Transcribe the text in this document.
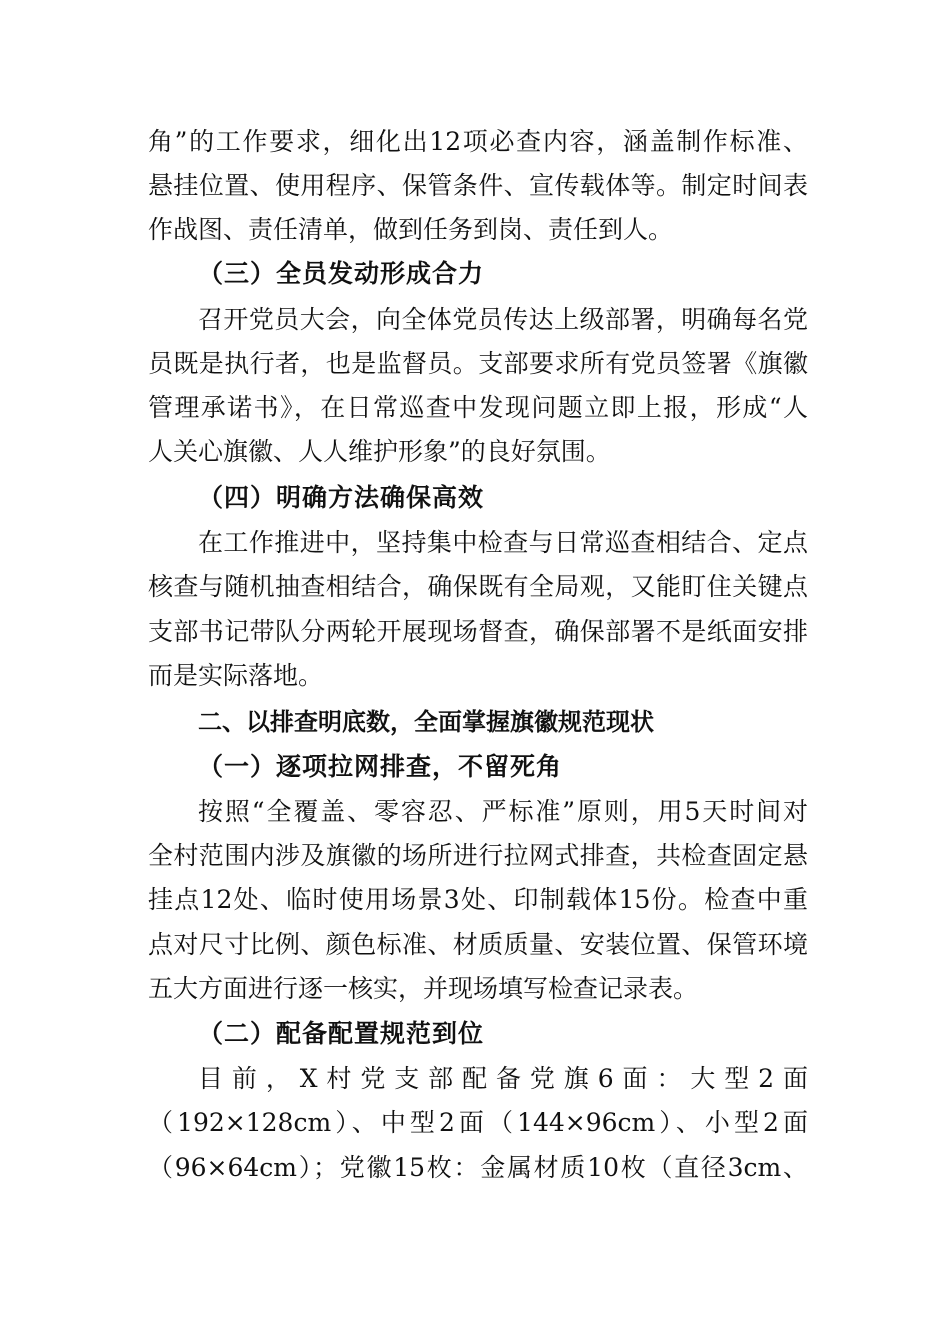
角”的工作要求，细化出12项必查内容，涵盖制作标准、
悬挂位置、使用程序、保管条件、宣传载体等。制定时间表
作战图、责任清单，做到任务到岗、责任到人。
（三）全员发动形成合力
召开党员大会，向全体党员传达上级部署，明确每名党
员既是执行者，也是监督员。支部要求所有党员签署《旗徽
管理承诺书》，在日常巡查中发现问题立即上报，形成“人
人关心旗徽、人人维护形象”的良好氛围。
（四）明确方法确保高效
在工作推进中，坚持集中检查与日常巡查相结合、定点
核查与随机抽查相结合，确保既有全局观，又能盯住关键点
支部书记带队分两轮开展现场督查，确保部署不是纸面安排
而是实际落地。
二、以排查明底数，全面掌握旗徽规范现状
（一）逐项拉网排查，不留死角
按照“全覆盖、零容忍、严标准”原则，用5天时间对
全村范围内涉及旗徽的场所进行拉网式排查，共检查固定悬
挂点12处、临时使用场景3处、印制载体15份。检查中重
点对尺寸比例、颜色标准、材质质量、安装位置、保管环境
五大方面进行逐一核实，并现场填写检查记录表。
（二）配备配置规范到位
目前，X村党支部配备党旗6面：大型2面
（192×128cm）、中型2面（144×96cm）、小型2面
（96×64cm）；党徽15枚：金属材质10枚（直径3cm、
